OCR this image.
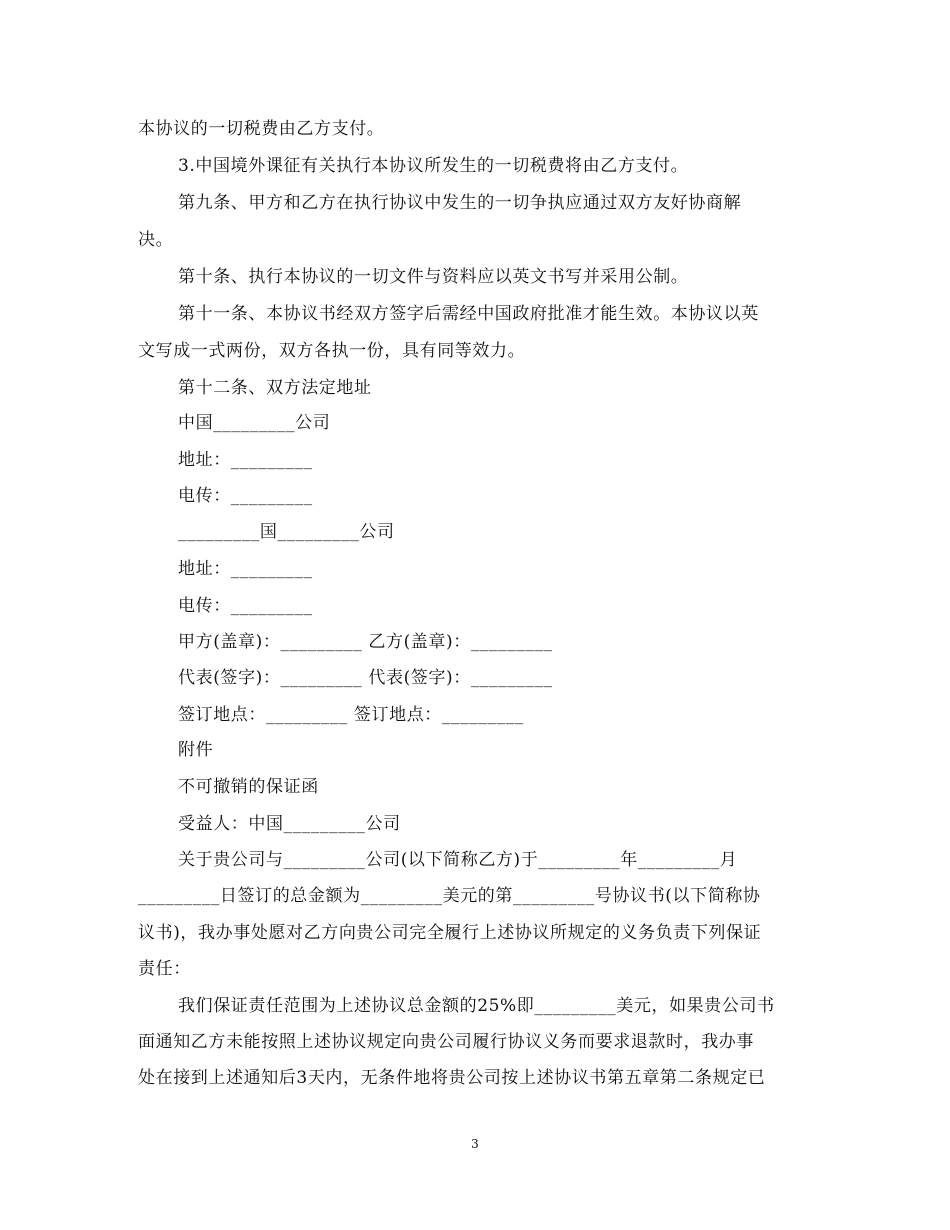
本协议的一切税费由乙方支付。
3.中国境外课征有关执行本协议所发生的一切税费将由乙方支付。
第九条、甲方和乙方在执行协议中发生的一切争执应通过双方友好协商解
决。
第十条、执行本协议的一切文件与资料应以英文书写并采用公制。
第十一条、本协议书经双方签字后需经中国政府批准才能生效。本协议以英
文写成一式两份，双方各执一份，具有同等效力。
第十二条、双方法定地址
中国_________公司
地址：_________
电传：_________
_________国_________公司
地址：_________
电传：_________
甲方(盖章)：_________ 乙方(盖章)：_________
代表(签字)：_________ 代表(签字)：_________
签订地点：_________ 签订地点：_________
附件
不可撤销的保证函
受益人：中国_________公司
关于贵公司与_________公司(以下简称乙方)于_________年_________月
_________日签订的总金额为_________美元的第_________号协议书(以下简称协
议书)，我办事处愿对乙方向贵公司完全履行上述协议所规定的义务负责下列保证
责任：
我们保证责任范围为上述协议总金额的25%即_________美元，如果贵公司书
面通知乙方未能按照上述协议规定向贵公司履行协议义务而要求退款时，我办事
处在接到上述通知后3天内，无条件地将贵公司按上述协议书第五章第二条规定已
3
